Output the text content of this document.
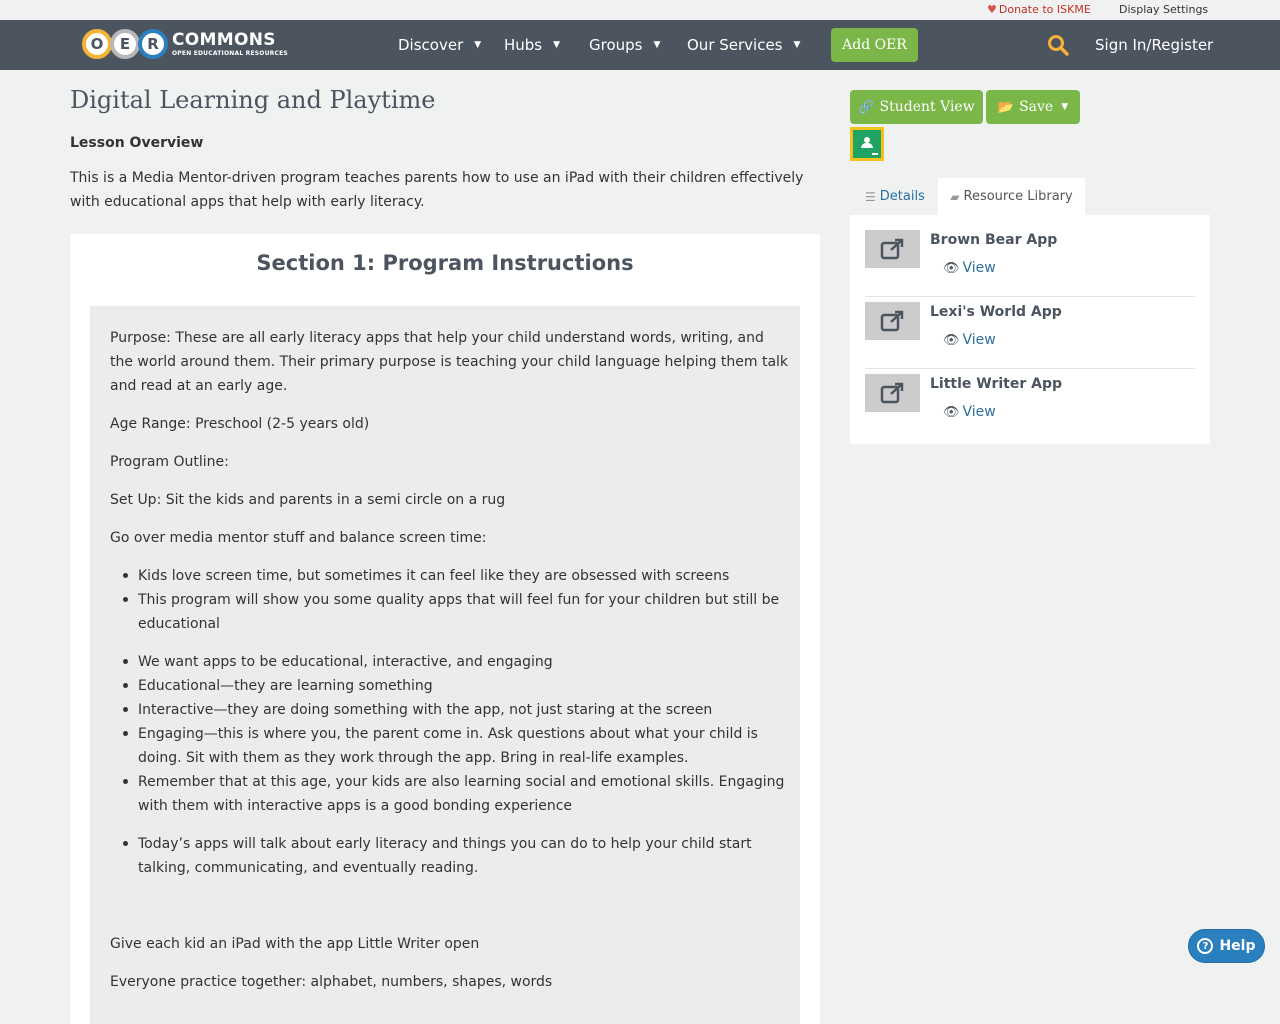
♥ Donate to ISKME	Display Settings
O	E	R COMMONS
OPEN EDUCATIONAL RESOURCES	Discover ▼ Hubs ▼ Groups ▼ Our Services ▼	Add OER	Sign In/Register
Digital Learning and Playtime
Lesson Overview

This is a Media Mentor-driven program teaches parents how to use an iPad with their children effectively with educational apps that help with early literacy.

Section 1: Program Instructions

Purpose: These are all early literacy apps that help your child understand words, writing, and the world around them. Their primary purpose is teaching your child language helping them talk and read at an early age.

Age Range: Preschool (2-5 years old)

Program Outline:

Set Up: Sit the kids and parents in a semi circle on a rug

Go over media mentor stuff and balance screen time:

Kids love screen time, but sometimes it can feel like they are obsessed with screens
This program will show you some quality apps that will feel fun for your children but still be educational
We want apps to be educational, interactive, and engaging
Educational—they are learning something
Interactive—they are doing something with the app, not just staring at the screen
Engaging—this is where you, the parent come in. Ask questions about what your child is doing. Sit with them as they work through the app. Bring in real-life examples.
Remember that at this age, your kids are also learning social and emotional skills. Engaging with them with interactive apps is a good bonding experience
Today’s apps will talk about early literacy and things you can do to help your child start talking, communicating, and eventually reading.

Give each kid an iPad with the app Little Writer open

Everyone practice together: alphabet, numbers, shapes, words

🔗 Student View 📂 Save ▼
☰ Details ▰ Resource Library
Brown Bear App
👁 View
Lexi's World App
👁 View
Little Writer App
👁 View
? Help
